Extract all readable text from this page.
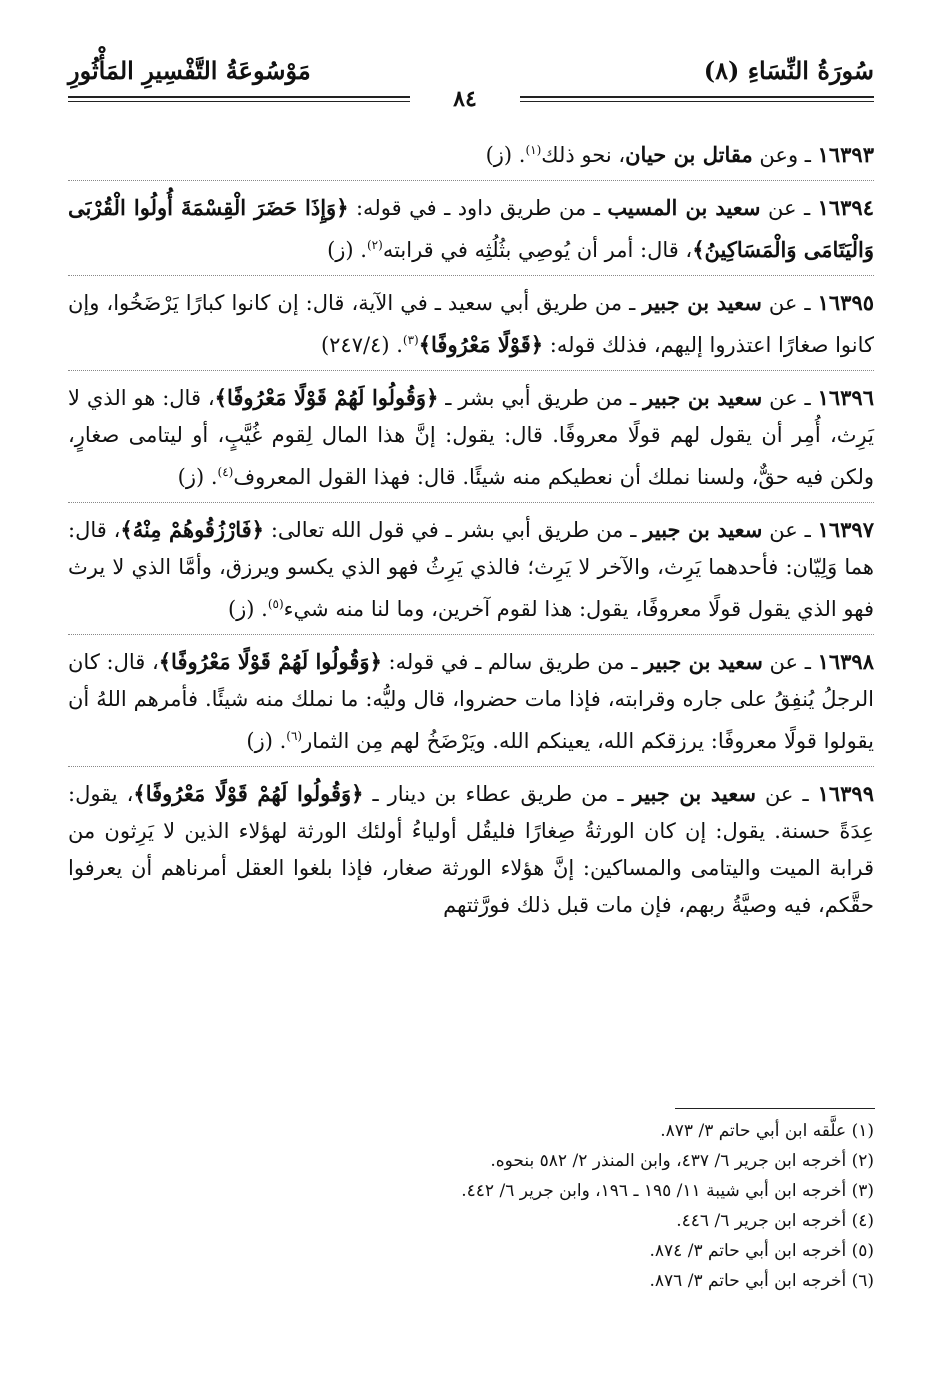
سُورَةُ النِّسَاءِ (٨)
مَوْسُوعَةُ التَّفْسِيرِ المَأْثُورِ
٨٤

١٦٣٩٣ ـ وعن مقاتل بن حيان، نحو ذلك$^{(١)}$. (ز)

١٦٣٩٤ ـ عن سعيد بن المسيب ـ من طريق داود ـ في قوله: ﴿وَإِذَا حَضَرَ الْقِسْمَةَ أُولُوا الْقُرْبَى وَالْيَتَامَى وَالْمَسَاكِينُ﴾، قال: أمر أن يُوصِي بثُلُثِه في قرابته$^{(٢)}$. (ز)

١٦٣٩٥ ـ عن سعيد بن جبير ـ من طريق أبي سعيد ـ في الآية، قال: إن كانوا كبارًا يَرْضَخُوا، وإن كانوا صغارًا اعتذروا إليهم، فذلك قوله: ﴿قَوْلًا مَعْرُوفًا﴾$^{(٣)}$. (٢٤٧/٤)

١٦٣٩٦ ـ عن سعيد بن جبير ـ من طريق أبي بشر ـ ﴿وَقُولُوا لَهُمْ قَوْلًا مَعْرُوفًا﴾، قال: هو الذي لا يَرِث، أُمِر أن يقول لهم قولًا معروفًا. قال: يقول: إنَّ هذا المال لِقوم غُيَّبٍ، أو ليتامى صغارٍ، ولكن فيه حقٌّ، ولسنا نملك أن نعطيكم منه شيئًا. قال: فهذا القول المعروف$^{(٤)}$. (ز)

١٦٣٩٧ ـ عن سعيد بن جبير ـ من طريق أبي بشر ـ في قول الله تعالى: ﴿فَارْزُقُوهُمْ مِنْهُ﴾، قال: هما وَلِيّان: فأحدهما يَرِث، والآخر لا يَرِث؛ فالذي يَرِثُ فهو الذي يكسو ويرزق، وأمَّا الذي لا يرث فهو الذي يقول قولًا معروفًا، يقول: هذا لقوم آخرين، وما لنا منه شيء$^{(٥)}$. (ز)

١٦٣٩٨ ـ عن سعيد بن جبير ـ من طريق سالم ـ في قوله: ﴿وَقُولُوا لَهُمْ قَوْلًا مَعْرُوفًا﴾، قال: كان الرجلُ يُنفِقُ على جاره وقرابته، فإذا مات حضروا، قال وليُّه: ما نملك منه شيئًا. فأمرهم اللهُ أن يقولوا قولًا معروفًا: يرزقكم الله، يعينكم الله. ويَرْضَخُ لهم مِن الثمار$^{(٦)}$. (ز)

١٦٣٩٩ ـ عن سعيد بن جبير ـ من طريق عطاء بن دينار ـ ﴿وَقُولُوا لَهُمْ قَوْلًا مَعْرُوفًا﴾، يقول: عِدَةً حسنة. يقول: إن كان الورثةُ صِغارًا فليقُل أولياءُ أولئك الورثة لهؤلاء الذين لا يَرِثون من قرابة الميت واليتامى والمساكين: إنَّ هؤلاء الورثة صغار، فإذا بلغوا العقل أمرناهم أن يعرفوا حقَّكم، فيه وصيَّةُ ربهم، فإن مات قبل ذلك فورَّثتهم

(١) علَّقه ابن أبي حاتم ٣/ ٨٧٣.

(٢) أخرجه ابن جرير ٦/ ٤٣٧، وابن المنذر ٢/ ٥٨٢ بنحوه.

(٣) أخرجه ابن أبي شيبة ١١/ ١٩٥ ـ ١٩٦، وابن جرير ٦/ ٤٤٢.

(٤) أخرجه ابن جرير ٦/ ٤٤٦.

(٥) أخرجه ابن أبي حاتم ٣/ ٨٧٤.

(٦) أخرجه ابن أبي حاتم ٣/ ٨٧٦.
